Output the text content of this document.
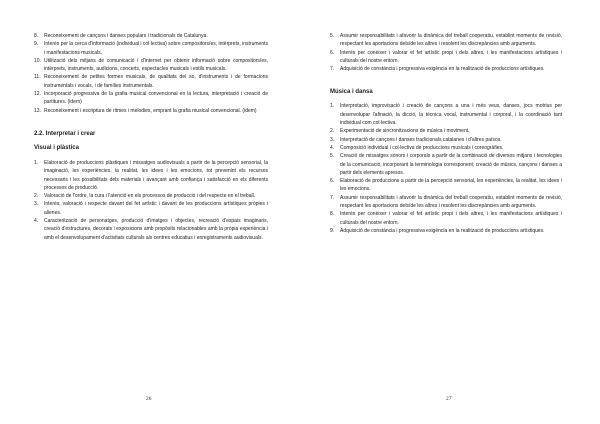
8. Reconeixement de cançons i danses populars i tradicionals de Catalunya.
9. Interès per la cerca d'informació (individual i col·lectiva) sobre compositors/es, intèrprets, instruments i manifestacions musicals.
10. Utilització dels mitjans de comunicació i d'internet per obtenir informació sobre compositors/es, intèrprets, instruments, audicions, concerts, espectacles musicals i estils musicals.
11. Reconeixement de petites formes musicals, de qualitats del so, d'instruments i de formacions instrumentals i vocals, i de famílies instrumentals.
12. Incorporació progressiva de la grafia musical convencional en la lectura, interpretació i creació de partitures. (idem)
13. Reconeixement i escriptura de ritmes i melodies, emprant la grafia musical convencional. (idem)
2.2. Interpretar i crear
Visual i plàstica
1. Elaboració de produccions plàstiques i missatges audiovisuals a partir de la percepció sensorial, la imaginació, les experiències, la realitat, les idees i les emocions, tot prevenint els recursos necessaris i les possibilitats dels materials i avançant amb confiança i satisfacció en els diferents processos de producció.
2. Valoració de l'ordre, la cura i l'atenció en els processos de producció i del respecte en el treball.
3. Interès, valoració i respecte davant del fet artístic i davant de les produccions artístiques pròpies i alienes.
4. Caracterització de personatges, producció d'imatges i objectes, recreació d'espais imaginaris, creació d'estructures, decorats i exposicions amb propòsits relacionables amb la pròpia experiència i amb el desenvolupament d'activitats culturals als centres educatius i enregistraments audiovisuals.
26
5. Assumir responsabilitats i afavorir la dinàmica del treball cooperatiu, establint moments de revisió, respectant les aportacions dels/de les altres i resolent les discrepàncies amb arguments.
6. Interès per conèixer i valorar el fet artístic propi i dels altres, i les manifestacions artístiques i culturals del nostre entorn.
7. Adquisició de constància i progressiva exigència en la realització de produccions artístiques.
Música i dansa
1. Interpretació, improvisació i creació de cançons a una i més veus, danses, jocs motrius per desenvolupar l'afinació, la dicció, la tècnica vocal, instrumental i corporal, i la coordinació tant individual com col·lectiva.
2. Experimentació de sincronitzacions de música i moviment.
3. Interpretació de cançons i danses tradicionals catalanes i d'altres països.
4. Composició individual i col·lectiva de produccions musicals i coreogràfies.
5. Creació de missatges sonors i corporals a partir de la combinació de diversos mitjans i tecnologies de la comunicació, incorporant la terminologia corresponent; creació de músics, cançons i danses a partir dels elements apresos.
6. Elaboració de produccions a partir de la percepció sensorial, les experiències, la realitat, les idees i les emocions.
7. Assumir responsabilitats i afavorir la dinàmica del treball cooperatiu, establint moments de revisió, respectant les aportacions dels/de les altres i resolent les discrepàncies amb arguments.
8. Interès per conèixer i valorar el fet artístic propi i dels altres, i les manifestacions artístiques i culturals del nostre entorn.
9. Adquisició de constància i progressiva exigència en la realització de produccions artístiques.
27
